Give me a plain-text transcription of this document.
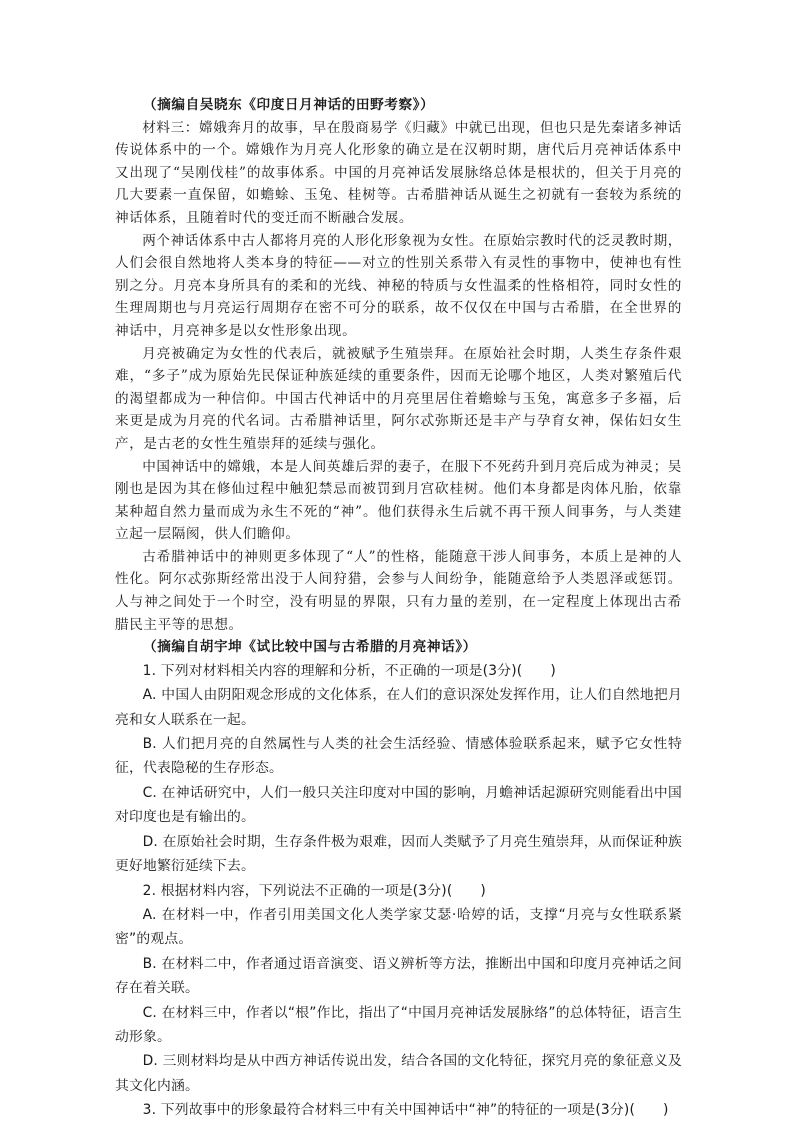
（摘编自吴晓东《印度日月神话的田野考察》）

材料三：嫦娥奔月的故事，早在殷商易学《归藏》中就已出现，但也只是先秦诸多神话传说体系中的一个。嫦娥作为月亮人化形象的确立是在汉朝时期，唐代后月亮神话体系中又出现了“吴刚伐桂”的故事体系。中国的月亮神话发展脉络总体是根状的，但关于月亮的几大要素一直保留，如蟾蜍、玉兔、桂树等。古希腊神话从诞生之初就有一套较为系统的神话体系，且随着时代的变迁而不断融合发展。

两个神话体系中古人都将月亮的人形化形象视为女性。在原始宗教时代的泛灵教时期，人们会很自然地将人类本身的特征——对立的性别关系带入有灵性的事物中，使神也有性别之分。月亮本身所具有的柔和的光线、神秘的特质与女性温柔的性格相符，同时女性的生理周期也与月亮运行周期存在密不可分的联系，故不仅仅在中国与古希腊，在全世界的神话中，月亮神多是以女性形象出现。

月亮被确定为女性的代表后，就被赋予生殖崇拜。在原始社会时期，人类生存条件艰难，“多子”成为原始先民保证种族延续的重要条件，因而无论哪个地区，人类对繁殖后代的渴望都成为一种信仰。中国古代神话中的月亮里居住着蟾蜍与玉兔，寓意多子多福，后来更是成为月亮的代名词。古希腊神话里，阿尔忒弥斯还是丰产与孕育女神，保佑妇女生产，是古老的女性生殖崇拜的延续与强化。

中国神话中的嫦娥，本是人间英雄后羿的妻子，在服下不死药升到月亮后成为神灵；吴刚也是因为其在修仙过程中触犯禁忌而被罚到月宫砍桂树。他们本身都是肉体凡胎，依靠某种超自然力量而成为永生不死的“神”。他们获得永生后就不再干预人间事务，与人类建立起一层隔阂，供人们瞻仰。

古希腊神话中的神则更多体现了“人”的性格，能随意干涉人间事务，本质上是神的人性化。阿尔忒弥斯经常出没于人间狩猎，会参与人间纷争，能随意给予人类恩泽或惩罚。人与神之间处于一个时空，没有明显的界限，只有力量的差别，在一定程度上体现出古希腊民主平等的思想。

（摘编自胡宇坤《试比较中国与古希腊的月亮神话》）

1. 下列对材料相关内容的理解和分析，不正确的一项是(3分)(　　)

A. 中国人由阴阳观念形成的文化体系，在人们的意识深处发挥作用，让人们自然地把月亮和女人联系在一起。

B. 人们把月亮的自然属性与人类的社会生活经验、情感体验联系起来，赋予它女性特征，代表隐秘的生存形态。

C. 在神话研究中，人们一般只关注印度对中国的影响，月蟾神话起源研究则能看出中国对印度也是有输出的。

D. 在原始社会时期，生存条件极为艰难，因而人类赋予了月亮生殖崇拜，从而保证种族更好地繁衍延续下去。

2. 根据材料内容，下列说法不正确的一项是(3分)(　　)

A. 在材料一中，作者引用美国文化人类学家艾瑟·哈婷的话，支撑“月亮与女性联系紧密”的观点。

B. 在材料二中，作者通过语音演变、语义辨析等方法，推断出中国和印度月亮神话之间存在着关联。

C. 在材料三中，作者以“根”作比，指出了“中国月亮神话发展脉络”的总体特征，语言生动形象。

D. 三则材料均是从中西方神话传说出发，结合各国的文化特征，探究月亮的象征意义及其文化内涵。

3. 下列故事中的形象最符合材料三中有关中国神话中“神”的特征的一项是(3分)(　　)
